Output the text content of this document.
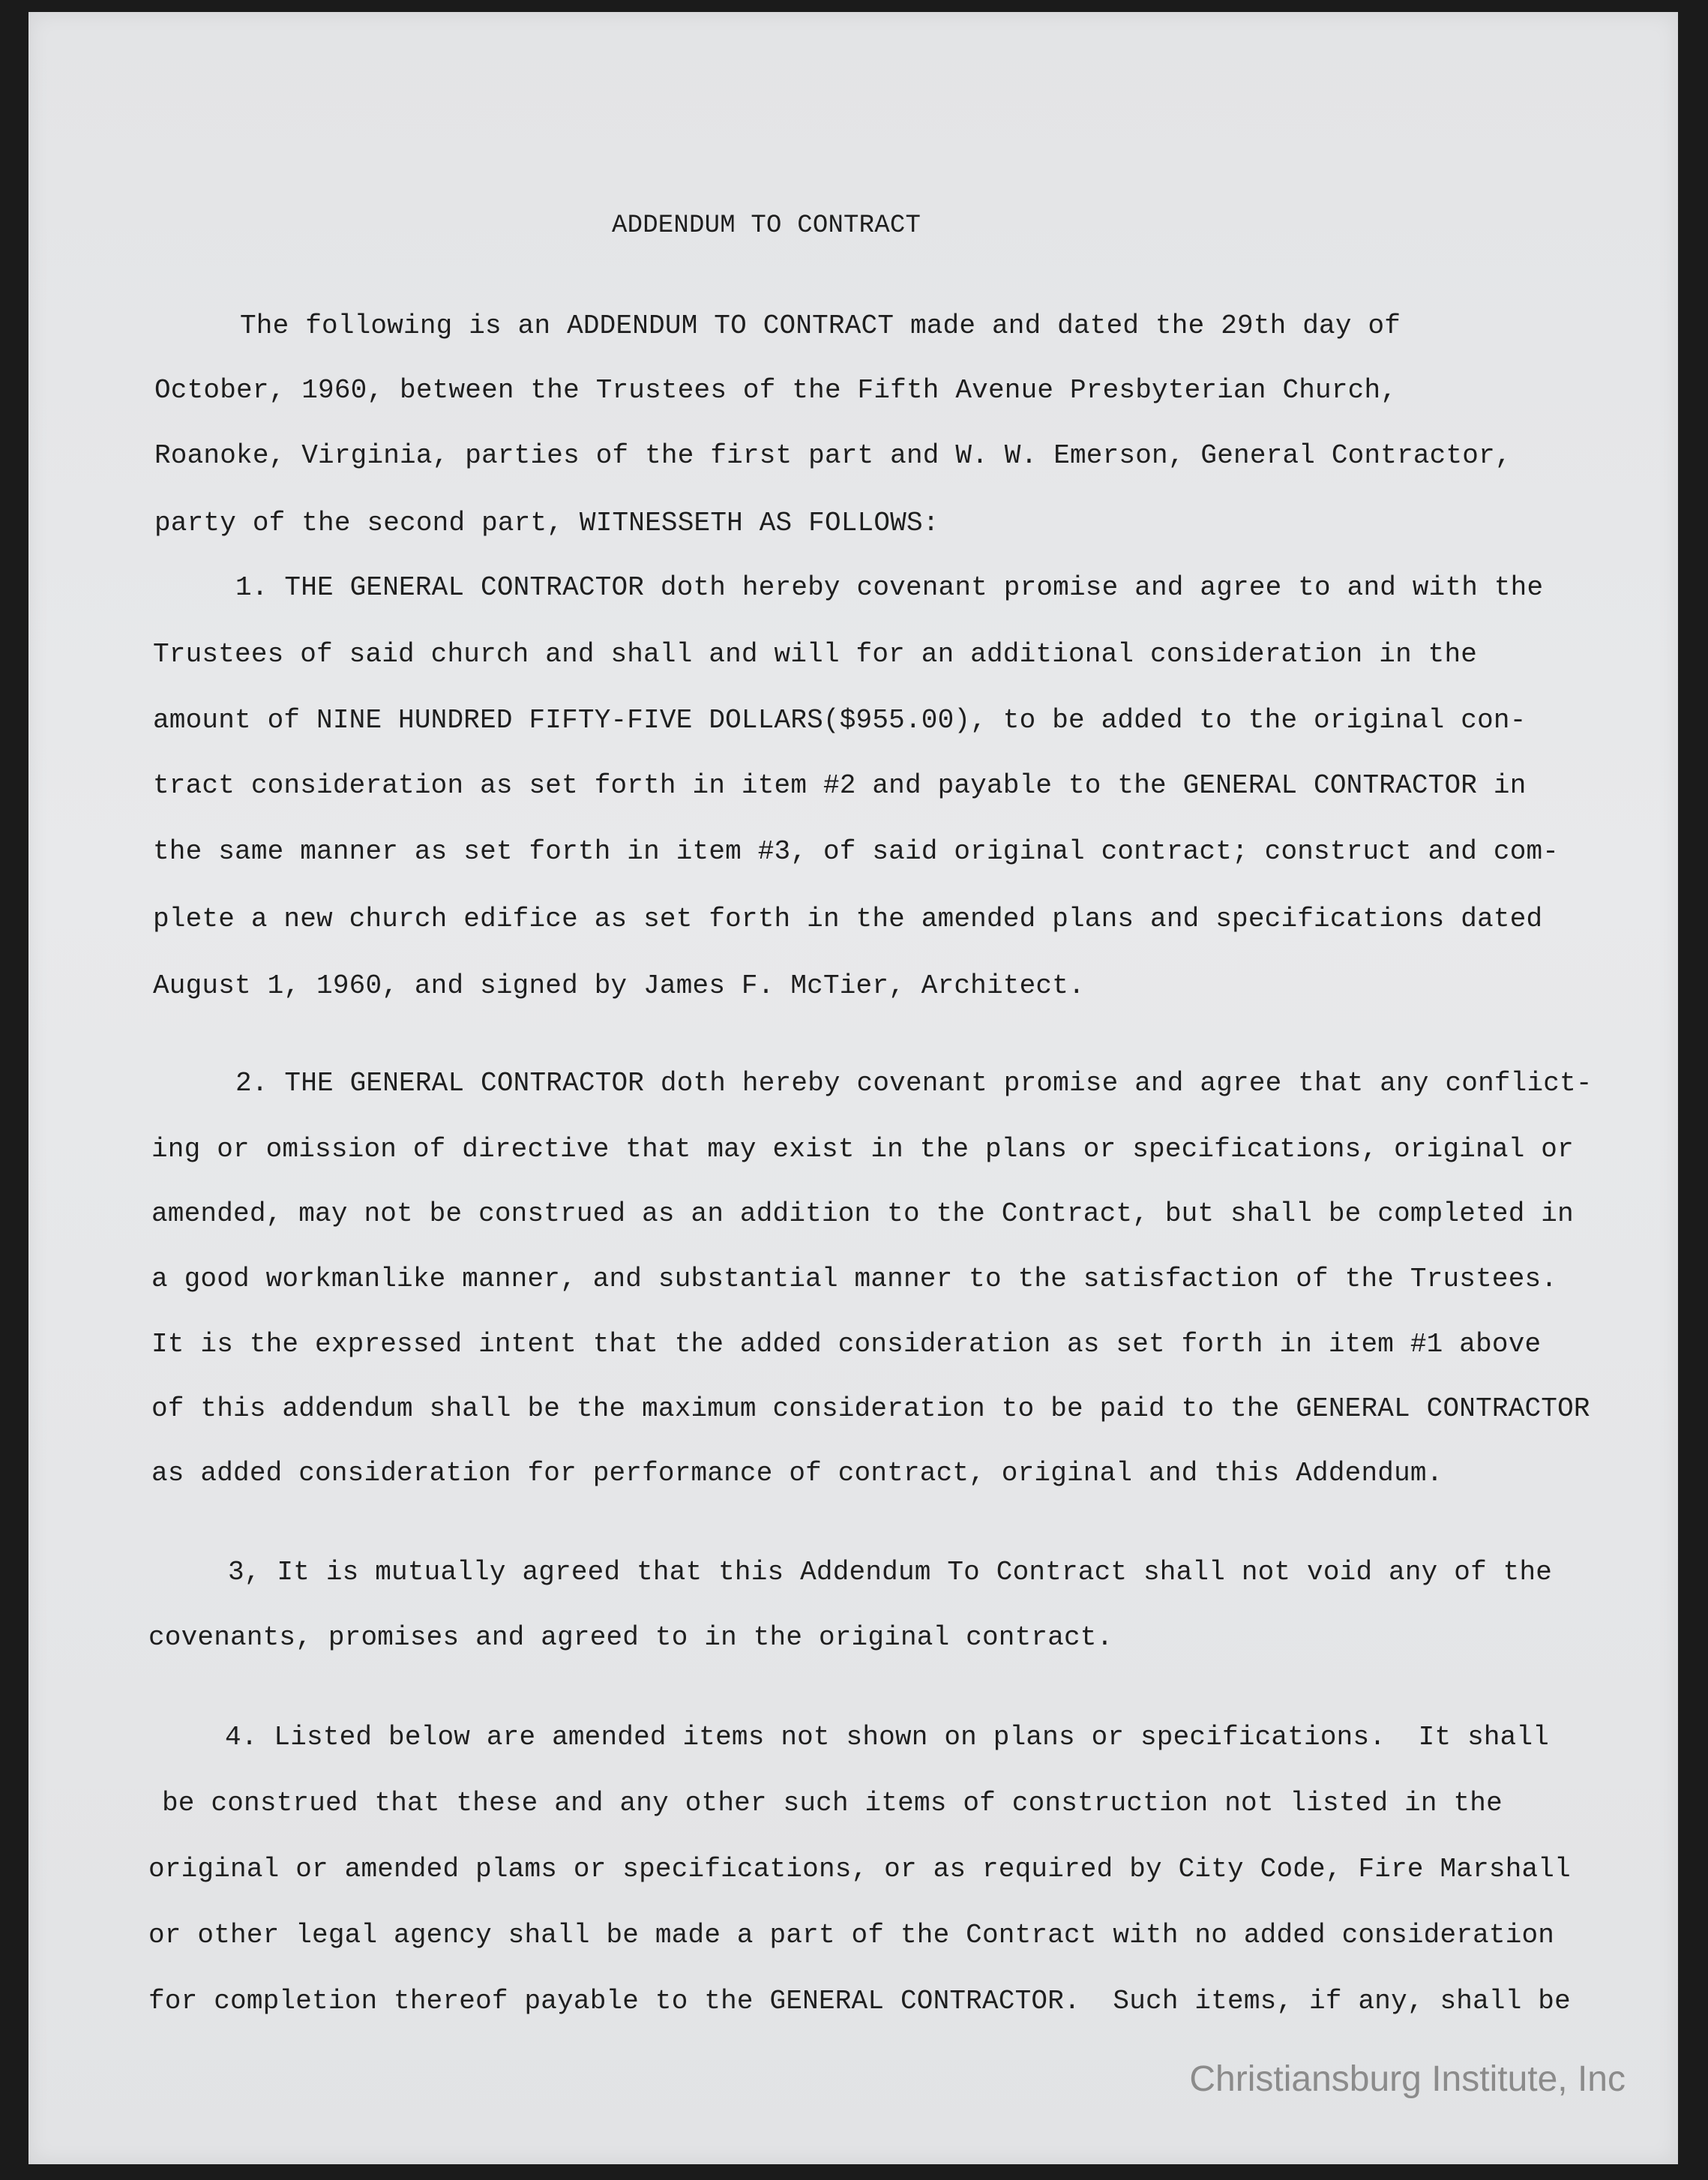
ADDENDUM TO CONTRACT
The following is an ADDENDUM TO CONTRACT made and dated the 29th day of
October, 1960, between the Trustees of the Fifth Avenue Presbyterian Church,
Roanoke, Virginia, parties of the first part and W. W. Emerson, General Contractor,
party of the second part, WITNESSETH AS FOLLOWS:
1. THE GENERAL CONTRACTOR doth hereby covenant promise and agree to and with the
Trustees of said church and shall and will for an additional consideration in the
amount of NINE HUNDRED FIFTY-FIVE DOLLARS($955.00), to be added to the original con-
tract consideration as set forth in item #2 and payable to the GENERAL CONTRACTOR in
the same manner as set forth in item #3, of said original contract; construct and com-
plete a new church edifice as set forth in the amended plans and specifications dated
August 1, 1960, and signed by James F. McTier, Architect.
2. THE GENERAL CONTRACTOR doth hereby covenant promise and agree that any conflict-
ing or omission of directive that may exist in the plans or specifications, original or
amended, may not be construed as an addition to the Contract, but shall be completed in
a good workmanlike manner, and substantial manner to the satisfaction of the Trustees.
It is the expressed intent that the added consideration as set forth in item #1 above
of this addendum shall be the maximum consideration to be paid to the GENERAL CONTRACTOR
as added consideration for performance of contract, original and this Addendum.
3, It is mutually agreed that this Addendum To Contract shall not void any of the
covenants, promises and agreed to in the original contract.
4. Listed below are amended items not shown on plans or specifications.  It shall
be construed that these and any other such items of construction not listed in the
original or amended plams or specifications, or as required by City Code, Fire Marshall
or other legal agency shall be made a part of the Contract with no added consideration
for completion thereof payable to the GENERAL CONTRACTOR.  Such items, if any, shall be
Christiansburg Institute, Inc
